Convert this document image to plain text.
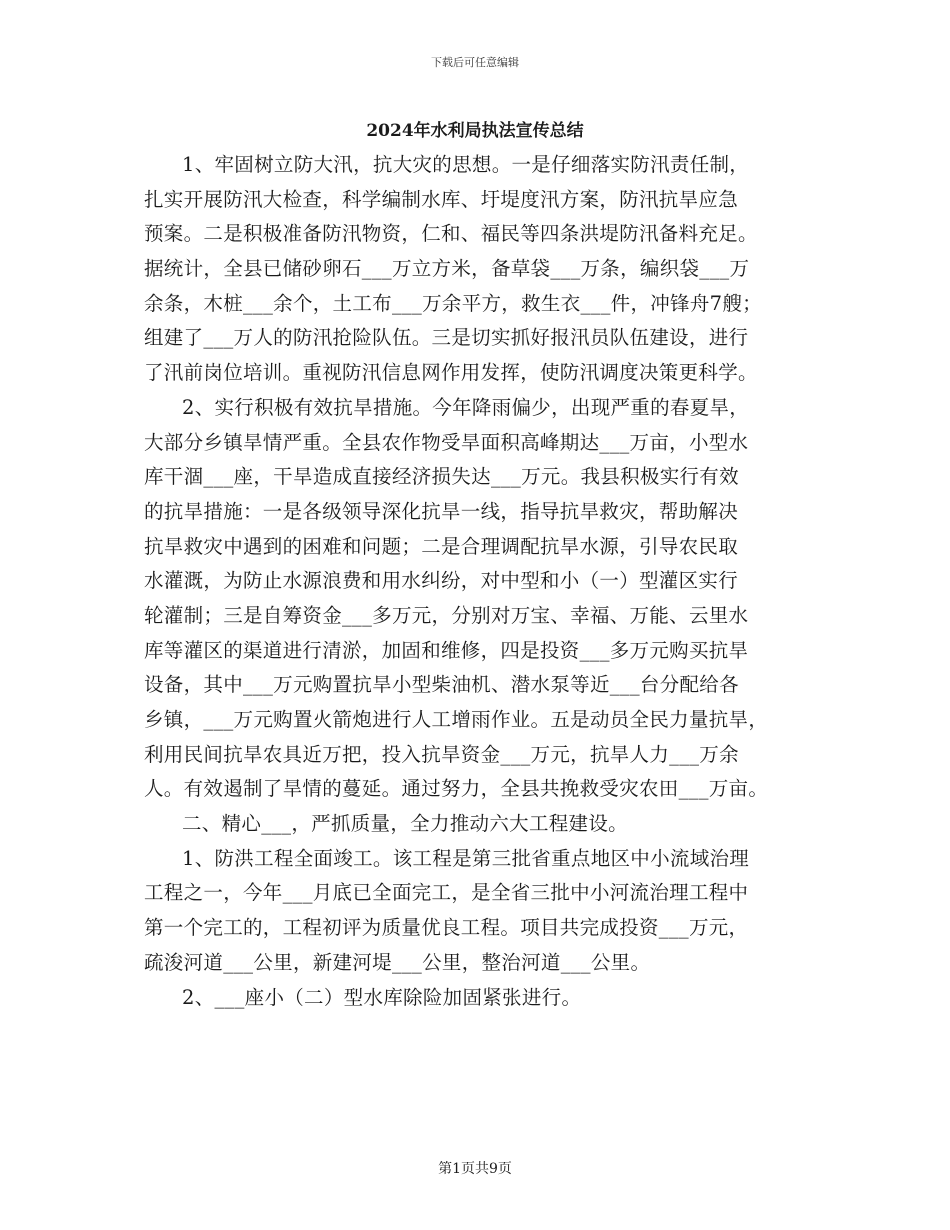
下载后可任意编辑
2024年水利局执法宣传总结
1、牢固树立防大汛，抗大灾的思想。一是仔细落实防汛责任制，
扎实开展防汛大检查，科学编制水库、圩堤度汛方案，防汛抗旱应急
预案。二是积极准备防汛物资，仁和、福民等四条洪堤防汛备料充足。
据统计，全县已储砂卵石___万立方米，备草袋___万条，编织袋___万
余条，木桩___余个，土工布___万余平方，救生衣___件，冲锋舟7艘；
组建了___万人的防汛抢险队伍。三是切实抓好报汛员队伍建设，进行
了汛前岗位培训。重视防汛信息网作用发挥，使防汛调度决策更科学。
2、实行积极有效抗旱措施。今年降雨偏少，出现严重的春夏旱，
大部分乡镇旱情严重。全县农作物受旱面积高峰期达___万亩，小型水
库干涸___座，干旱造成直接经济损失达___万元。我县积极实行有效
的抗旱措施：一是各级领导深化抗旱一线，指导抗旱救灾，帮助解决
抗旱救灾中遇到的困难和问题；二是合理调配抗旱水源，引导农民取
水灌溉，为防止水源浪费和用水纠纷，对中型和小（一）型灌区实行
轮灌制；三是自筹资金___多万元，分别对万宝、幸福、万能、云里水
库等灌区的渠道进行清淤，加固和维修，四是投资___多万元购买抗旱
设备，其中___万元购置抗旱小型柴油机、潜水泵等近___台分配给各
乡镇，___万元购置火箭炮进行人工增雨作业。五是动员全民力量抗旱，
利用民间抗旱农具近万把，投入抗旱资金___万元，抗旱人力___万余
人。有效遏制了旱情的蔓延。通过努力，全县共挽救受灾农田___万亩。
二、精心___，严抓质量，全力推动六大工程建设。
1、防洪工程全面竣工。该工程是第三批省重点地区中小流域治理
工程之一，今年___月底已全面完工，是全省三批中小河流治理工程中
第一个完工的，工程初评为质量优良工程。项目共完成投资___万元，
疏浚河道___公里，新建河堤___公里，整治河道___公里。
2、___座小（二）型水库除险加固紧张进行。
第1页共9页
